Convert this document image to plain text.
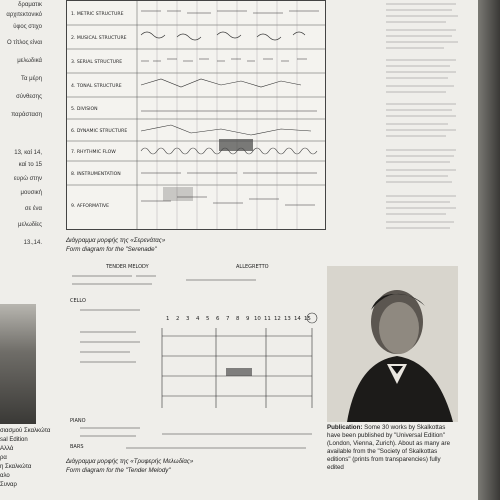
δραματικ
αρχιτεκτονικό
ύφος στιχο
Ο τίτλος είναι
μελωδικά
Τα μέρη
σύνθεσης
παράσταση
13, καί 14,
καί το 15
ευρώ στην
μουσική
σε ένα
μελωδίες
13.,14.
σιασμού Σκαλκώτα
sal Edition
Αλλά
ρα
η Σκαλκώτα
αλο
Συναρ
1. METRIC STRUCTURE
2. MUSICAL STRUCTURE
3. SERIAL STRUCTURE
4. TONAL STRUCTURE
5. DIVISION
6. DYNAMIC STRUCTURE
7. RHYTHMIC FLOW
8. INSTRUMENTATION
9. AFFORMATIVE
Διάγραμμα μορφής της «Σερενάτας»
Form diagram for the "Serenade"
TENDER MELODY	ALLEGRETTO
CELLO
PIANO
BARS
1 2 3 4 5 6 7 8 9 10 11 12 13 14 15
Διάγραμμα μορφής της «Τρυφερής Μελωδίας»
Form diagram for the "Tender Melody"
Publication: Some 30 works by Skalkottas have been published by "Universal Edition" (London, Vienna, Zurich). About as many are available from the "Society of Skalkottas editions" (prints from transparencies) fully edited
